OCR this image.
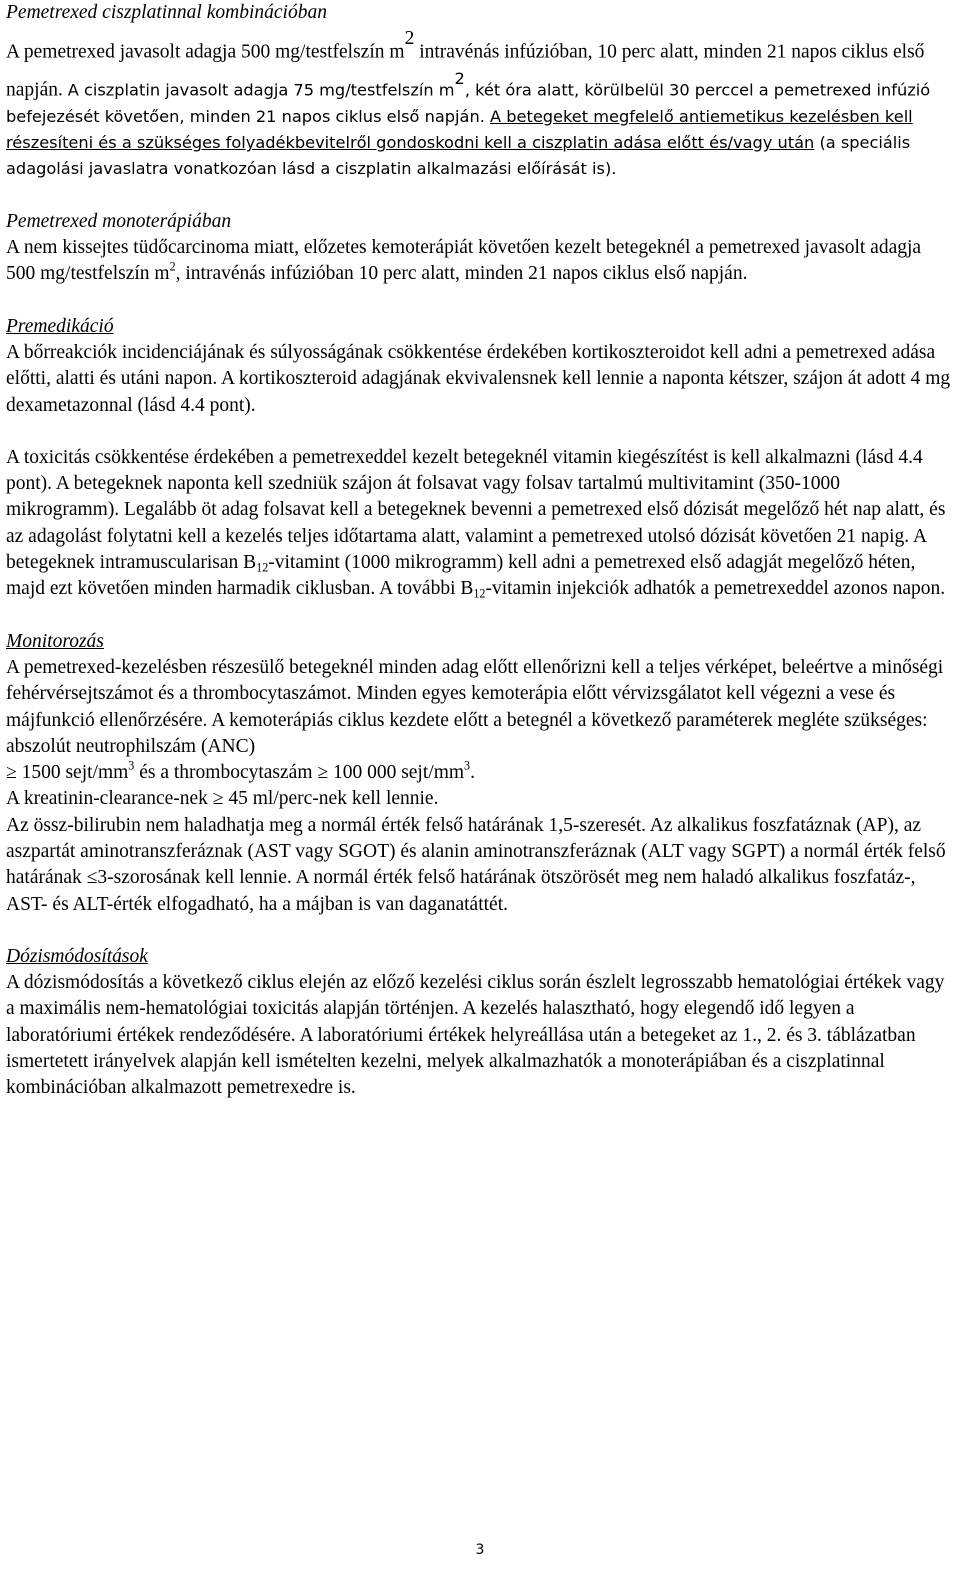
Pemetrexed ciszplatinnal kombinációban

A pemetrexed javasolt adagja 500 mg/testfelszín $m^2$ intravénás infúzióban, 10 perc alatt, minden 21 napos ciklus első napján. A ciszplatin javasolt adagja 75 mg/testfelszín $m^2$, két óra alatt, körülbelül 30 perccel a pemetrexed infúzió befejezését követően, minden 21 napos ciklus első napján. A betegeket megfelelő antiemetikus kezelésben kell részesíteni és a szükséges folyadékbevitelről gondoskodni kell a ciszplatin adása előtt és/vagy után (a speciális adagolási javaslatra vonatkozóan lásd a ciszplatin alkalmazási előírását is).

Pemetrexed monoterápiában

A nem kissejtes tüdőcarcinoma miatt, előzetes kemoterápiát követően kezelt betegeknél a pemetrexed javasolt adagja 500 mg/testfelszín $m^2$, intravénás infúzióban 10 perc alatt, minden 21 napos ciklus első napján.

Premedikáció

A bőrreakciók incidenciájának és súlyosságának csökkentése érdekében kortikoszteroidot kell adni a pemetrexed adása előtti, alatti és utáni napon. A kortikoszteroid adagjának ekvivalensnek kell lennie a naponta kétszer, szájon át adott 4 mg dexametazonnal (lásd 4.4 pont).

A toxicitás csökkentése érdekében a pemetrexeddel kezelt betegeknél vitamin kiegészítést is kell alkalmazni (lásd 4.4 pont). A betegeknek naponta kell szedniük szájon át folsavat vagy folsav tartalmú multivitamint (350-1000 mikrogramm). Legalább öt adag folsavat kell a betegeknek bevenni a pemetrexed első dózisát megelőző hét nap alatt, és az adagolást folytatni kell a kezelés teljes időtartama alatt, valamint a pemetrexed utolsó dózisát követően 21 napig. A betegeknek intramuscularisan $B_{12}$-vitamint (1000 mikrogramm) kell adni a pemetrexed első adagját megelőző héten, majd ezt követően minden harmadik ciklusban. A további $B_{12}$-vitamin injekciók adhatók a pemetrexeddel azonos napon.

Monitorozás

A pemetrexed-kezelésben részesülő betegeknél minden adag előtt ellenőrizni kell a teljes vérképet, beleértve a minőségi fehérvérsejtszámot és a thrombocytaszámot. Minden egyes kemoterápia előtt vérvizsgálatot kell végezni a vese és májfunkció ellenőrzésére. A kemoterápiás ciklus kezdete előtt a betegnél a következő paraméterek megléte szükséges: abszolút neutrophilszám (ANC)

≥ 1500 sejt/$mm^3$ és a thrombocytaszám ≥ 100 000 sejt/$mm^3$.

A kreatinin-clearance-nek ≥ 45 ml/perc-nek kell lennie.

Az össz-bilirubin nem haladhatja meg a normál érték felső határának 1,5-szeresét. Az alkalikus foszfatáznak (AP), az aszpartát aminotranszferáznak (AST vagy SGOT) és alanin aminotranszferáznak (ALT vagy SGPT) a normál érték felső határának ≤3-szorosának kell lennie. A normál érték felső határának ötszörösét meg nem haladó alkalikus foszfatáz-, AST- és ALT-érték elfogadható, ha a májban is van daganatáttét.

Dózismódosítások

A dózismódosítás a következő ciklus elején az előző kezelési ciklus során észlelt legrosszabb hematológiai értékek vagy a maximális nem-hematológiai toxicitás alapján történjen. A kezelés halasztható, hogy elegendő idő legyen a laboratóriumi értékek rendeződésére. A laboratóriumi értékek helyreállása után a betegeket az 1., 2. és 3. táblázatban ismertetett irányelvek alapján kell ismételten kezelni, melyek alkalmazhatók a monoterápiában és a ciszplatinnal kombinációban alkalmazott pemetrexedre is.

3
